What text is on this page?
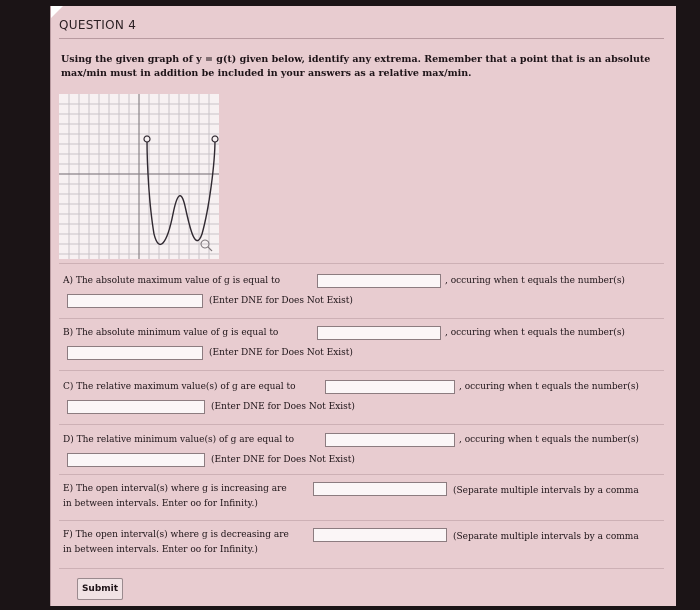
QUESTION 4
Using the given graph of y = g(t) given below, identify any extrema. Remember that a point that is an absolute max/min must in addition be included in your answers as a relative max/min.
A) The absolute maximum value of g is equal to	, occuring when t equals the number(s)
(Enter DNE for Does Not Exist)
B) The absolute minimum value of g is equal to	, occuring when t equals the number(s)
(Enter DNE for Does Not Exist)
C) The relative maximum value(s) of g are equal to	, occuring when t equals the number(s)
(Enter DNE for Does Not Exist)
D) The relative minimum value(s) of g are equal to	, occuring when t equals the number(s)
(Enter DNE for Does Not Exist)
E) The open interval(s) where g is increasing are	(Separate multiple intervals by a comma
in between intervals. Enter oo for Infinity.)
F) The open interval(s) where g is decreasing are	(Separate multiple intervals by a comma
in between intervals. Enter oo for Infinity.)
Submit
